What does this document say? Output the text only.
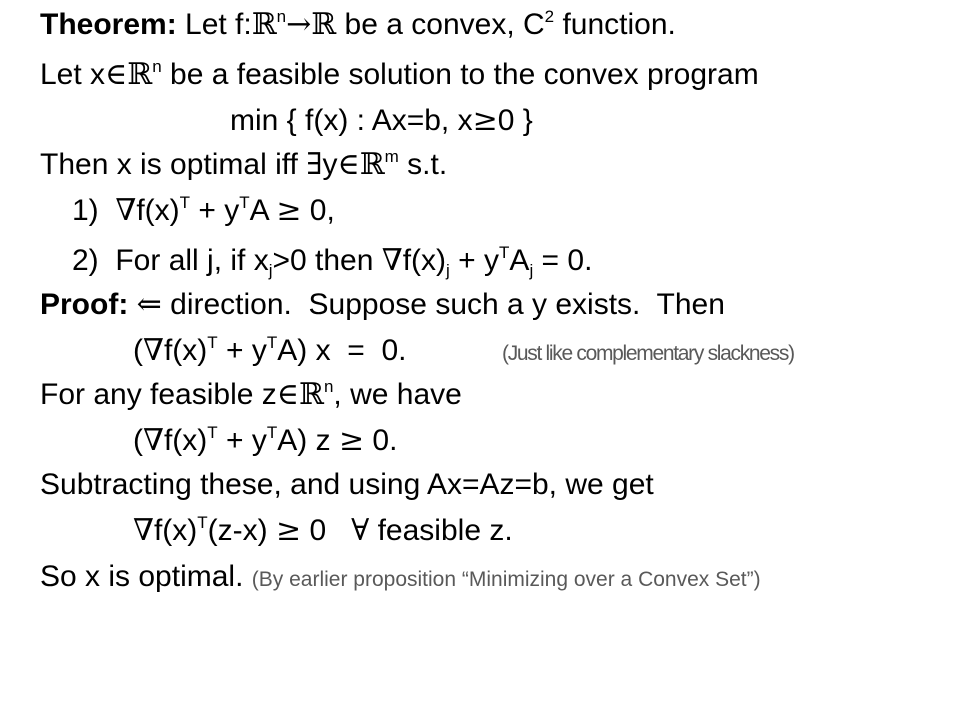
Theorem: Let f:ℝ$^n$→ℝ be a convex, $C^2$ function.
Let x∈ℝ$^n$ be a feasible solution to the convex program
min { f(x) : Ax=b, x≥0 }
Then x is optimal iff ∃y∈ℝ$^m$ s.t.
1) $\nabla f(x)^T + y^TA \ge 0$,
2)  For all j, if $x_j>0$ then $\nabla f(x)_j + y^TA_j = 0$.
Proof: ⇐ direction.  Suppose such a y exists.  Then
$(\nabla f(x)^T + y^TA) x = 0$.	(Just like complementary slackness)
For any feasible z∈ℝ$^n$, we have
$(\nabla f(x)^T + y^TA) z \ge 0$.
Subtracting these, and using Ax=Az=b, we get
$\nabla f(x)^T(z-x) \ge 0$   ∀ feasible z.
So x is optimal. (By earlier proposition “Minimizing over a Convex Set”)
